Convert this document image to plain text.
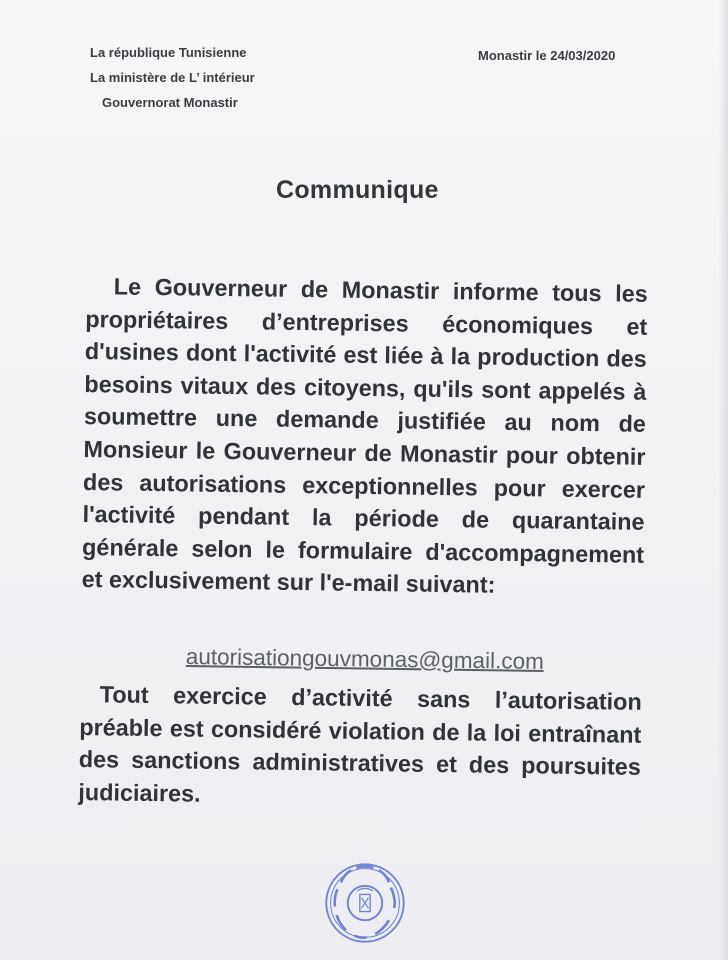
La république Tunisienne
La ministère de L’ intérieur
Gouvernorat Monastir
Monastir le 24/03/2020
Communique
Le Gouverneur de Monastir informe tous les propriétaires d’entreprises économiques et d'usines dont l'activité est liée à la production des besoins vitaux des citoyens, qu'ils sont appelés à soumettre une demande justifiée au nom de Monsieur le Gouverneur de Monastir pour obtenir des autorisations exceptionnelles pour exercer l'activité pendant la période de quarantaine générale selon le formulaire d'accompagnement et exclusivement sur l'e-mail suivant:
autorisationgouvmonas@gmail.com
Tout exercice d’activité sans l’autorisation préable est considéré violation de la loi entraînant des sanctions administratives et des poursuites judiciaires.
